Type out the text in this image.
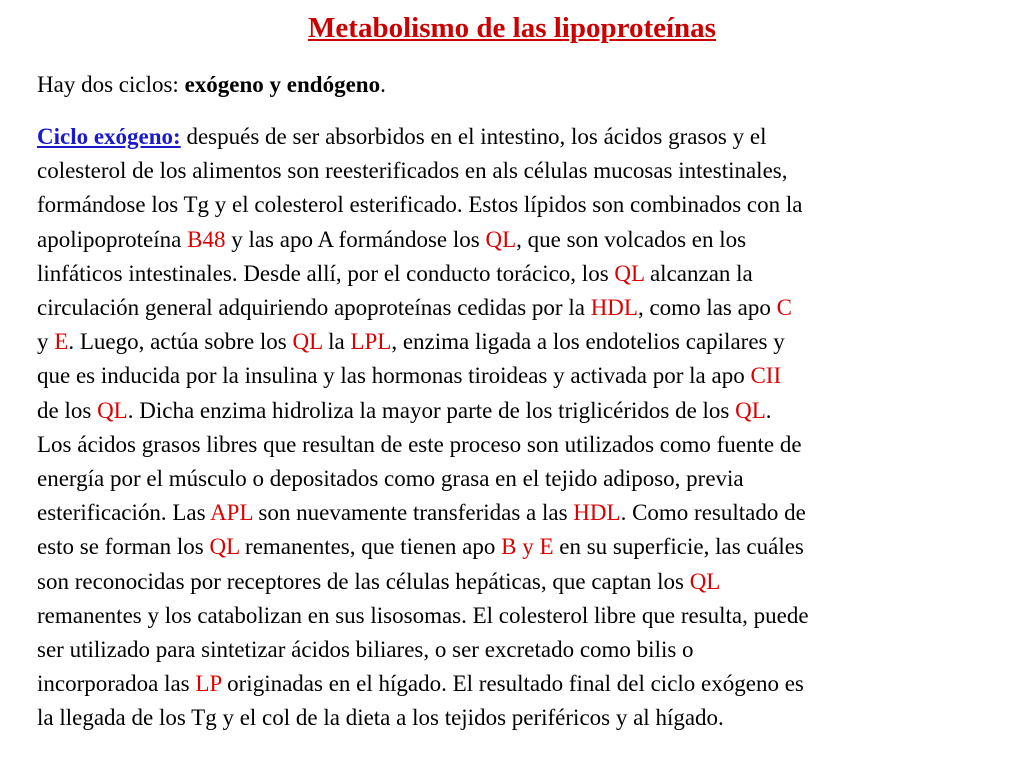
Metabolismo de las lipoproteínas
Hay dos ciclos: exógeno y endógeno.
Ciclo exógeno: después de ser absorbidos en el intestino, los ácidos grasos y el
colesterol de los alimentos son reesterificados en als células mucosas intestinales,
formándose los Tg y el colesterol esterificado. Estos lípidos son combinados con la
apolipoproteína B48 y las apo A formándose los QL, que son volcados en los
linfáticos intestinales. Desde allí, por el conducto torácico, los QL alcanzan la
circulación general adquiriendo apoproteínas cedidas por la HDL, como las apo C
y E. Luego, actúa sobre los QL la LPL, enzima ligada a los endotelios capilares y
que es inducida por la insulina y las hormonas tiroideas y activada por la apo CII
de los QL. Dicha enzima hidroliza la mayor parte de los triglicéridos de los QL.
Los ácidos grasos libres que resultan de este proceso son utilizados como fuente de
energía por el músculo o depositados como grasa en el tejido adiposo, previa
esterificación. Las APL son nuevamente transferidas a las HDL. Como resultado de
esto se forman los QL remanentes, que tienen apo B y E en su superficie, las cuáles
son reconocidas por receptores de las células hepáticas, que captan los QL
remanentes y los catabolizan en sus lisosomas. El colesterol libre que resulta, puede
ser utilizado para sintetizar ácidos biliares, o ser excretado como bilis o
incorporadoa las LP originadas en el hígado. El resultado final del ciclo exógeno es
la llegada de los Tg y el col de la dieta a los tejidos periféricos y al hígado.
